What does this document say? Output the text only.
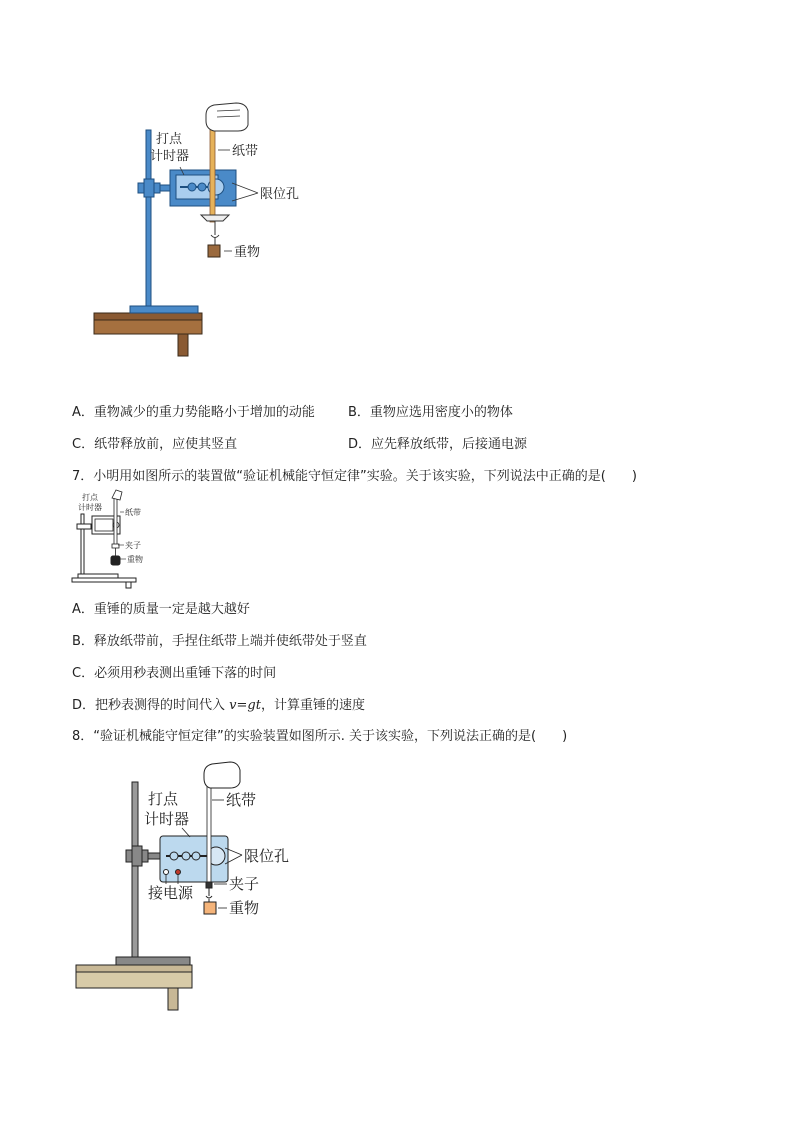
打点
计时器	纸带
限位孔
重物
A．重物减少的重力势能略小于增加的动能	B．重物应选用密度小的物体
C．纸带释放前，应使其竖直	D．应先释放纸带，后接通电源
7．小明用如图所示的装置做“验证机械能守恒定律”实验。关于该实验，下列说法中正确的是(　　)
打点
计时器
纸带
夹子
重物
A．重锤的质量一定是越大越好
B．释放纸带前，手捏住纸带上端并使纸带处于竖直
C．必须用秒表测出重锤下落的时间
D．把秒表测得的时间代入 v=gt，计算重锤的速度
8．“验证机械能守恒定律”的实验装置如图所示. 关于该实验，下列说法正确的是(　　)
打点
计时器
纸带
限位孔
接电源 夹子
重物
